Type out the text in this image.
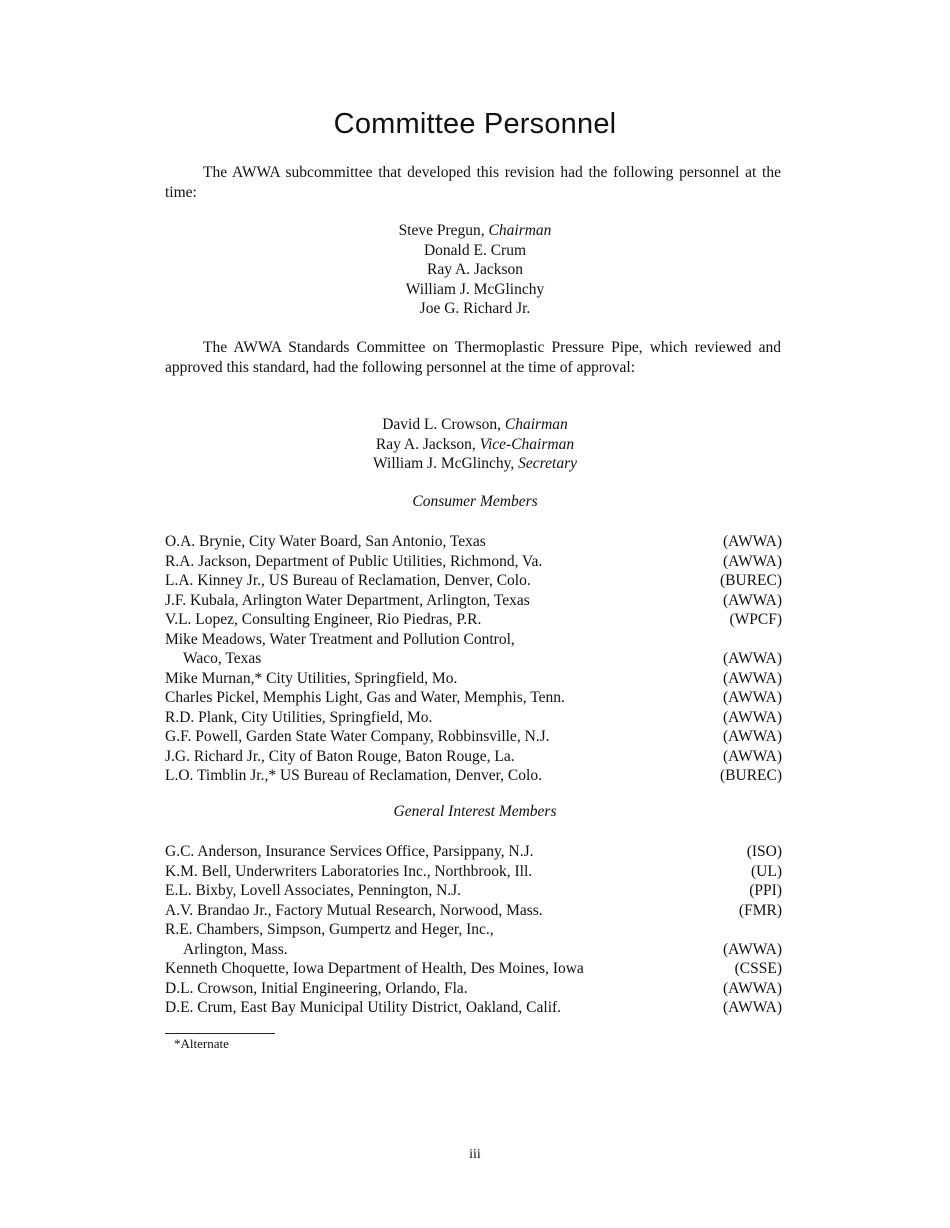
Committee Personnel
The AWWA subcommittee that developed this revision had the following personnel at the time:
Steve Pregun, Chairman
Donald E. Crum
Ray A. Jackson
William J. McGlinchy
Joe G. Richard Jr.
The AWWA Standards Committee on Thermoplastic Pressure Pipe, which reviewed and approved this standard, had the following personnel at the time of approval:
David L. Crowson, Chairman
Ray A. Jackson, Vice-Chairman
William J. McGlinchy, Secretary
Consumer Members
O.A. Brynie, City Water Board, San Antonio, Texas	(AWWA)
R.A. Jackson, Department of Public Utilities, Richmond, Va.	(AWWA)
L.A. Kinney Jr., US Bureau of Reclamation, Denver, Colo.	(BUREC)
J.F. Kubala, Arlington Water Department, Arlington, Texas	(AWWA)
V.L. Lopez, Consulting Engineer, Rio Piedras, P.R.	(WPCF)
Mike Meadows, Water Treatment and Pollution Control,
Waco, Texas	(AWWA)
Mike Murnan,* City Utilities, Springfield, Mo.	(AWWA)
Charles Pickel, Memphis Light, Gas and Water, Memphis, Tenn.	(AWWA)
R.D. Plank, City Utilities, Springfield, Mo.	(AWWA)
G.F. Powell, Garden State Water Company, Robbinsville, N.J.	(AWWA)
J.G. Richard Jr., City of Baton Rouge, Baton Rouge, La.	(AWWA)
L.O. Timblin Jr.,* US Bureau of Reclamation, Denver, Colo.	(BUREC)
General Interest Members
G.C. Anderson, Insurance Services Office, Parsippany, N.J.	(ISO)
K.M. Bell, Underwriters Laboratories Inc., Northbrook, Ill.	(UL)
E.L. Bixby, Lovell Associates, Pennington, N.J.	(PPI)
A.V. Brandao Jr., Factory Mutual Research, Norwood, Mass.	(FMR)
R.E. Chambers, Simpson, Gumpertz and Heger, Inc.,
Arlington, Mass.	(AWWA)
Kenneth Choquette, Iowa Department of Health, Des Moines, Iowa	(CSSE)
D.L. Crowson, Initial Engineering, Orlando, Fla.	(AWWA)
D.E. Crum, East Bay Municipal Utility District, Oakland, Calif.	(AWWA)
*Alternate
iii
